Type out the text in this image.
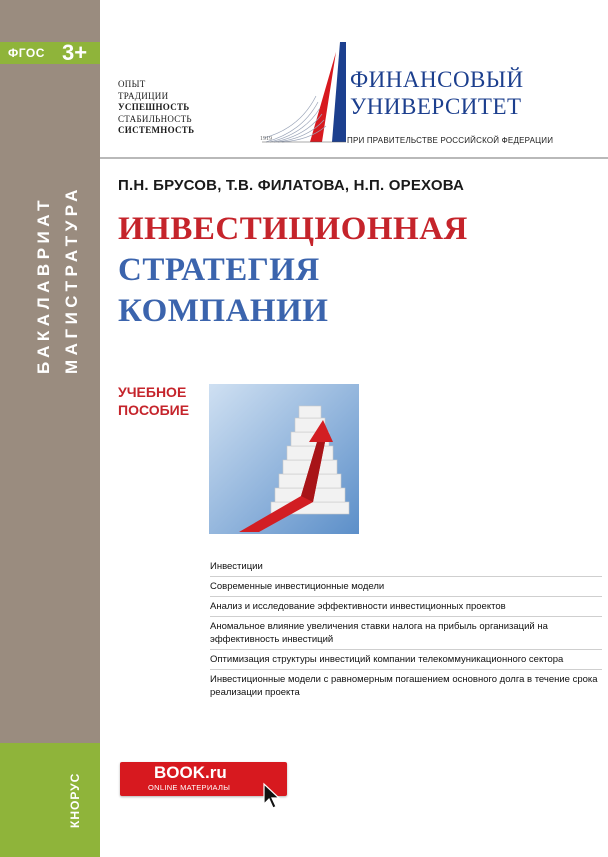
ФГОС 3+
БАКАЛАВРИАТ МАГИСТРАТУРА
КНОРУС
ОПЫТ
ТРАДИЦИИ
УСПЕШНОСТЬ
СТАБИЛЬНОСТЬ
СИСТЕМНОСТЬ
1919
ФИНАНСОВЫЙ
УНИВЕРСИТЕТ
ПРИ ПРАВИТЕЛЬСТВЕ РОССИЙСКОЙ ФЕДЕРАЦИИ
П.Н. БРУСОВ, Т.В. ФИЛАТОВА, Н.П. ОРЕХОВА
ИНВЕСТИЦИОННАЯ
СТРАТЕГИЯ
КОМПАНИИ
УЧЕБНОЕ
ПОСОБИЕ
Инвестиции
Современные инвестиционные модели
Анализ и исследование эффективности инвестиционных проектов
Аномальное влияние увеличения ставки налога на прибыль организаций на эффективность инвестиций
Оптимизация структуры инвестиций компании телекоммуникационного сектора
Инвестиционные модели с равномерным погашением основного долга в течение срока реализации проекта
BOOK.ru
ONLINE МАТЕРИАЛЫ
